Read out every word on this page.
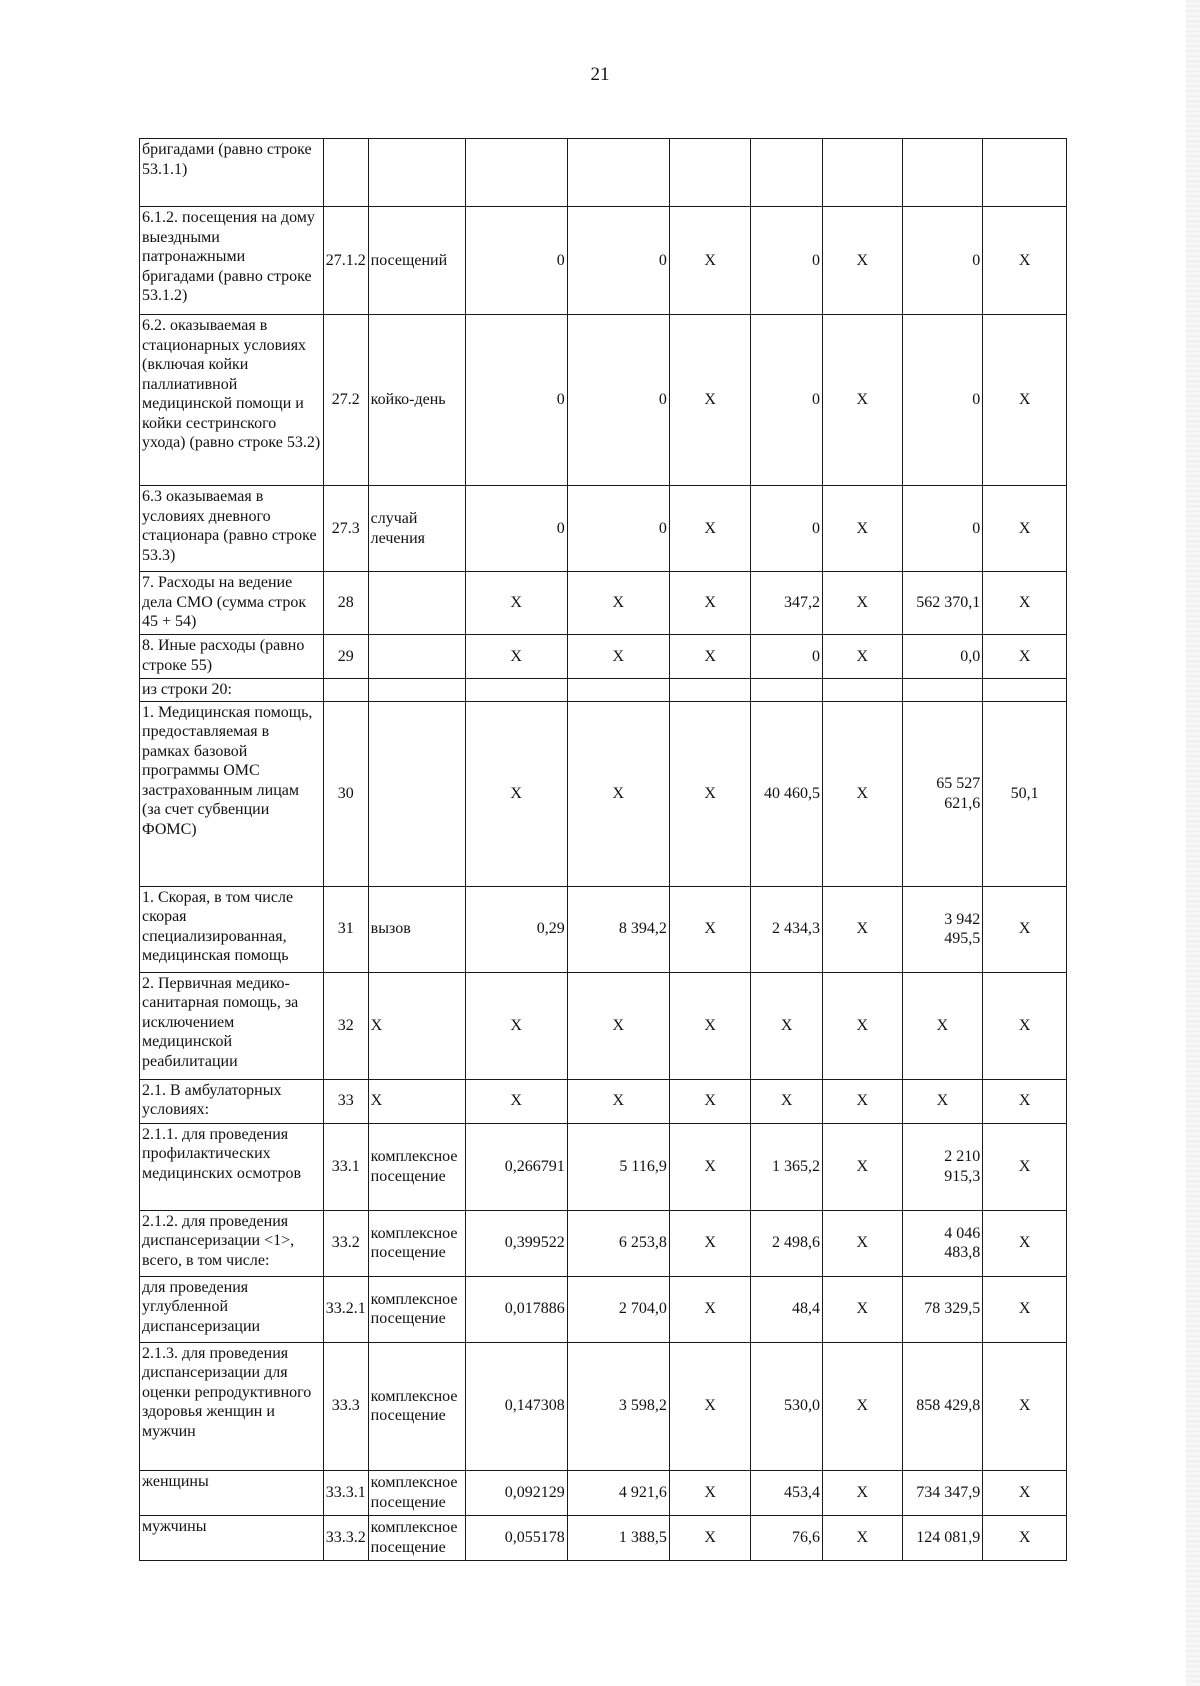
21
бригадами (равно строке 53.1.1)									
6.1.2. посещения на дому выездными патронажными бригадами (равно строке 53.1.2)	27.1.2	посещений	0	0	Х	0	Х	0	Х
6.2. оказываемая в стационарных условиях (включая койки паллиативной медицинской помощи и койки сестринского ухода) (равно строке 53.2)	27.2	койко-день	0	0	Х	0	Х	0	Х
6.3 оказываемая в условиях дневного стационара (равно строке 53.3)	27.3	случай лечения	0	0	Х	0	Х	0	Х
7. Расходы на ведение дела СМО (сумма строк 45 + 54)	28		Х	Х	Х	347,2	Х	562 370,1	Х
8. Иные расходы (равно строке 55)	29		Х	Х	Х	0	Х	0,0	Х
из строки 20:									
1. Медицинская помощь, предоставляемая в рамках базовой программы ОМС застрахованным лицам (за счет субвенции ФОМС)	30		Х	Х	Х	40 460,5	Х	65 527 621,6	50,1
1. Скорая, в том числе скорая специализированная, медицинская помощь	31	вызов	0,29	8 394,2	Х	2 434,3	Х	3 942 495,5	Х
2. Первичная медико-санитарная помощь, за исключением медицинской реабилитации	32	Х	Х	Х	Х	Х	Х	Х	Х
2.1. В амбулаторных условиях:	33	Х	Х	Х	Х	Х	Х	Х	Х
2.1.1. для проведения профилактических медицинских осмотров	33.1	комплексное посещение	0,266791	5 116,9	Х	1 365,2	Х	2 210 915,3	Х
2.1.2. для проведения диспансеризации <1>, всего, в том числе:	33.2	комплексное посещение	0,399522	6 253,8	Х	2 498,6	Х	4 046 483,8	Х
для проведения углубленной диспансеризации	33.2.1	комплексное посещение	0,017886	2 704,0	Х	48,4	Х	78 329,5	Х
2.1.3. для проведения диспансеризации для оценки репродуктивного здоровья женщин и мужчин	33.3	комплексное посещение	0,147308	3 598,2	Х	530,0	Х	858 429,8	Х
женщины	33.3.1	комплексное посещение	0,092129	4 921,6	Х	453,4	Х	734 347,9	Х
мужчины	33.3.2	комплексное посещение	0,055178	1 388,5	Х	76,6	Х	124 081,9	Х
